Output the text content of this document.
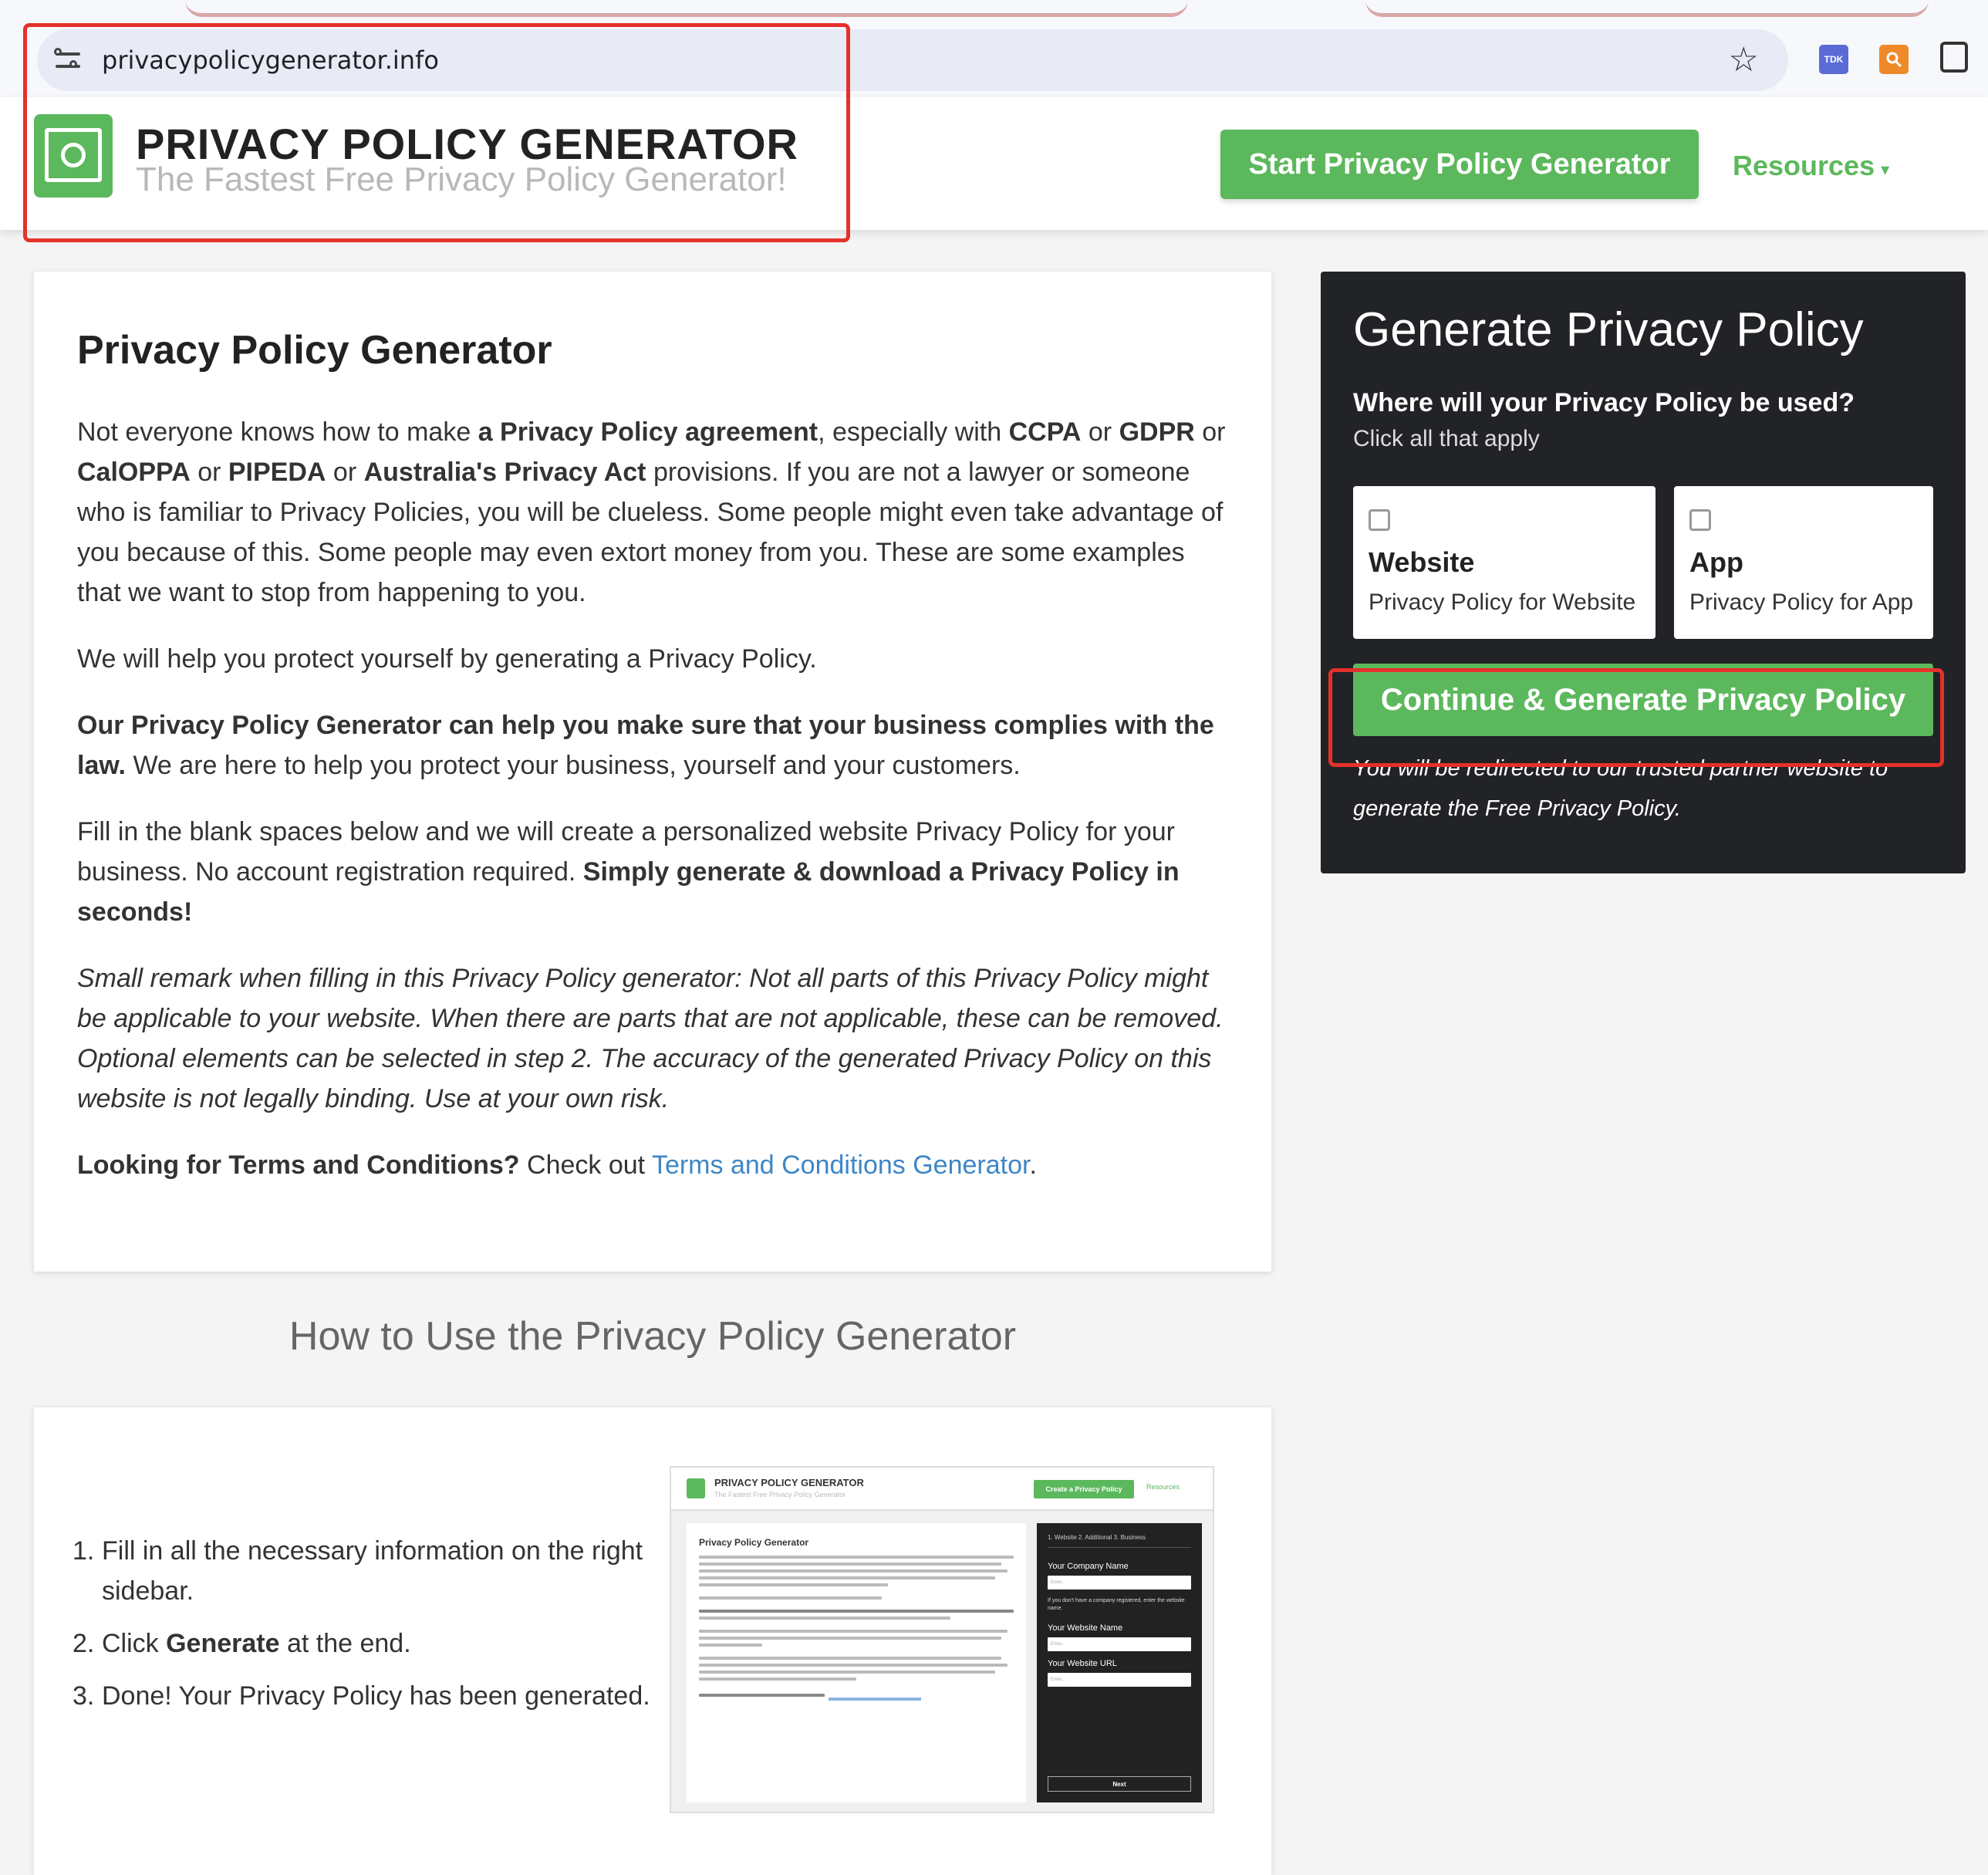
privacypolicygenerator.info	☆	TDK
PRIVACY POLICY GENERATOR
The Fastest Free Privacy Policy Generator!	Start Privacy Policy Generator	Resources ▾
Privacy Policy Generator

Not everyone knows how to make a Privacy Policy agreement, especially with CCPA or GDPR or CalOPPA or PIPEDA or Australia's Privacy Act provisions. If you are not a lawyer or someone who is familiar to Privacy Policies, you will be clueless. Some people might even take advantage of you because of this. Some people may even extort money from you. These are some examples that we want to stop from happening to you.

We will help you protect yourself by generating a Privacy Policy.

Our Privacy Policy Generator can help you make sure that your business complies with the law. We are here to help you protect your business, yourself and your customers.

Fill in the blank spaces below and we will create a personalized website Privacy Policy for your business. No account registration required. Simply generate & download a Privacy Policy in seconds!

Small remark when filling in this Privacy Policy generator: Not all parts of this Privacy Policy might be applicable to your website. When there are parts that are not applicable, these can be removed. Optional elements can be selected in step 2. The accuracy of the generated Privacy Policy on this website is not legally binding. Use at your own risk.

Looking for Terms and Conditions? Check out Terms and Conditions Generator.

How to Use the Privacy Policy Generator
1. Fill in all the necessary information on the right sidebar.
2. Click Generate at the end.
3. Done! Your Privacy Policy has been generated.
PRIVACY POLICY GENERATOR
The Fastest Free Privacy Policy Generator
Create a Privacy Policy	Resources
Privacy Policy Generator
	1. Website 2. Additional 3. Business
Your Company Name
Enter...
If you don't have a company registered, enter the website name.
Your Website Name
Enter...
Your Website URL
Enter...
Next
Generate Privacy Policy
Where will your Privacy Policy be used?
Click all that apply
Website
Privacy Policy for Website
App
Privacy Policy for App
Continue & Generate Privacy Policy
You will be redirected to our trusted partner website to generate the Free Privacy Policy.
